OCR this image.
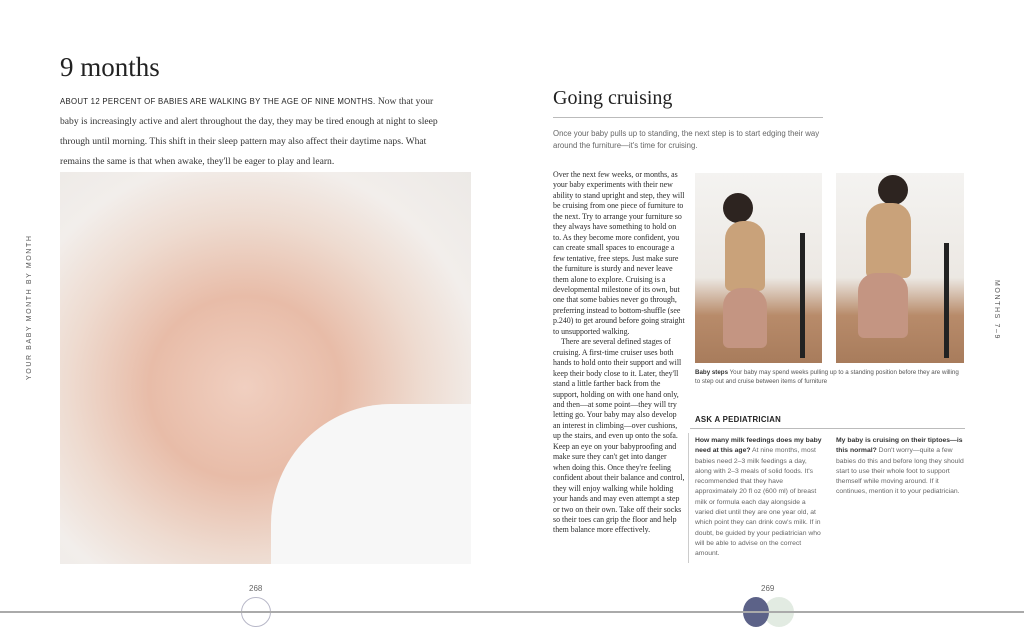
9 months
ABOUT 12 PERCENT OF BABIES ARE WALKING BY THE AGE OF NINE MONTHS. Now that your baby is increasingly active and alert throughout the day, they may be tired enough at night to sleep through until morning. This shift in their sleep pattern may also affect their daytime naps. What remains the same is that when awake, they'll be eager to play and learn.
YOUR BABY MONTH BY MONTH	MONTHS 7–9
Going cruising
Once your baby pulls up to standing, the next step is to start edging their way around the furniture—it's time for cruising.

Over the next few weeks, or months, as your baby experiments with their new ability to stand upright and step, they will be cruising from one piece of furniture to the next. Try to arrange your furniture so they always have something to hold on to. As they become more confident, you can create small spaces to encourage a few tentative, free steps. Just make sure the furniture is sturdy and never leave them alone to explore. Cruising is a developmental milestone of its own, but one that some babies never go through, preferring instead to bottom-shuffle (see p.240) to get around before going straight to unsupported walking.

There are several defined stages of cruising. A first-time cruiser uses both hands to hold onto their support and will keep their body close to it. Later, they'll stand a little farther back from the support, holding on with one hand only, and then—at some point—they will try letting go. Your baby may also develop an interest in climbing—over cushions, up the stairs, and even up onto the sofa. Keep an eye on your babyproofing and make sure they can't get into danger when doing this. Once they're feeling confident about their balance and control, they will enjoy walking while holding your hands and may even attempt a step or two on their own. Take off their socks so their toes can grip the floor and help them balance more effectively.

Baby steps Your baby may spend weeks pulling up to a standing position before they are willing to step out and cruise between items of furniture
ASK A PEDIATRICIAN
How many milk feedings does my baby need at this age? At nine months, most babies need 2–3 milk feedings a day, along with 2–3 meals of solid foods. It's recommended that they have approximately 20 fl oz (600 ml) of breast milk or formula each day alongside a varied diet until they are one year old, at which point they can drink cow's milk. If in doubt, be guided by your pediatrician who will be able to advise on the correct amount.
My baby is cruising on their tiptoes—is this normal? Don't worry—quite a few babies do this and before long they should start to use their whole foot to support themself while moving around. If it continues, mention it to your pediatrician.
268	269
